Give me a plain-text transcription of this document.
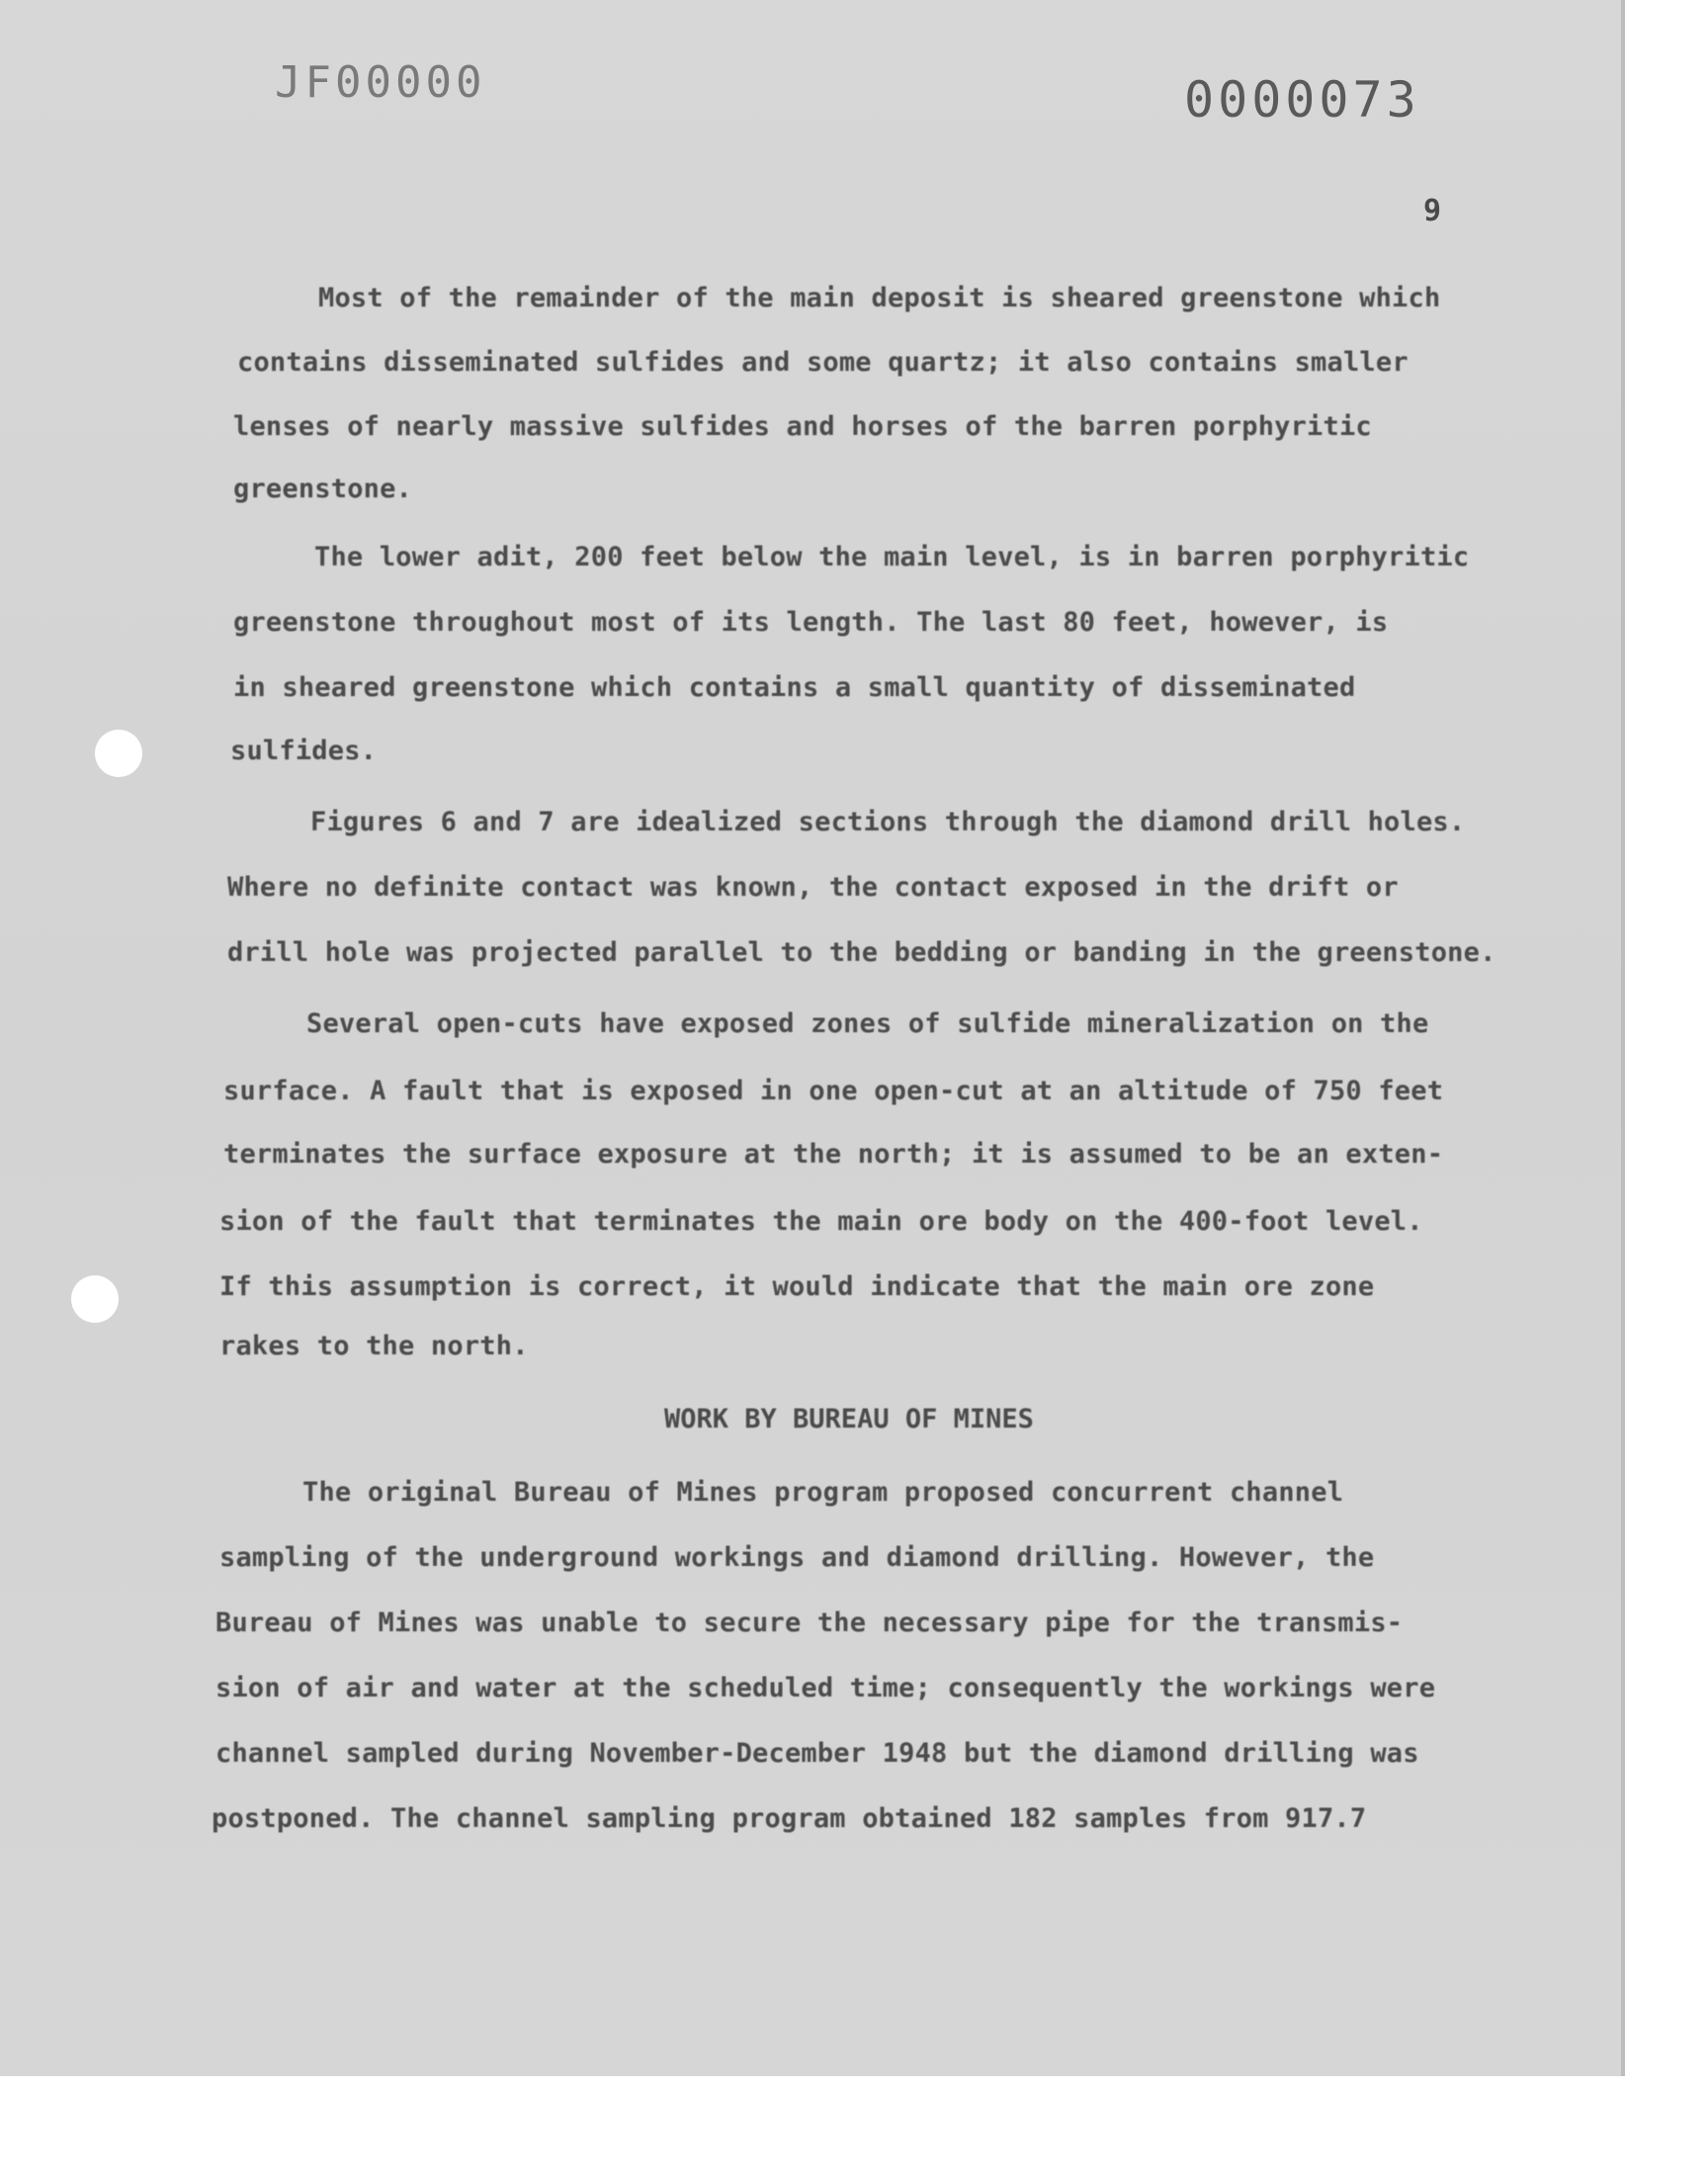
JF00000	0000073
9
Most of the remainder of the main deposit is sheared greenstone which
contains disseminated sulfides and some quartz; it also contains smaller
lenses of nearly massive sulfides and horses of the barren porphyritic
greenstone.
The lower adit, 200 feet below the main level, is in barren porphyritic
greenstone throughout most of its length. The last 80 feet, however, is
in sheared greenstone which contains a small quantity of disseminated
sulfides.
Figures 6 and 7 are idealized sections through the diamond drill holes.
Where no definite contact was known, the contact exposed in the drift or
drill hole was projected parallel to the bedding or banding in the greenstone.
Several open-cuts have exposed zones of sulfide mineralization on the
surface. A fault that is exposed in one open-cut at an altitude of 750 feet
terminates the surface exposure at the north; it is assumed to be an exten-
sion of the fault that terminates the main ore body on the 400-foot level.
If this assumption is correct, it would indicate that the main ore zone
rakes to the north.
WORK BY BUREAU OF MINES
The original Bureau of Mines program proposed concurrent channel
sampling of the underground workings and diamond drilling. However, the
Bureau of Mines was unable to secure the necessary pipe for the transmis-
sion of air and water at the scheduled time; consequently the workings were
channel sampled during November-December 1948 but the diamond drilling was
postponed. The channel sampling program obtained 182 samples from 917.7
